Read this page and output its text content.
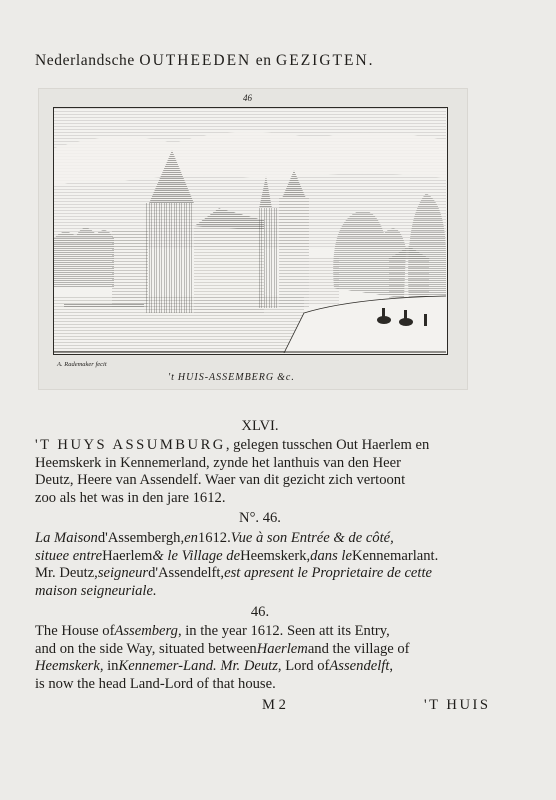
Nederlandsche OUTHEEDEN en GEZIGTEN.
46
A. Rademaker fecit
't HUIS-ASSEMBERG &c.
XLVI.
'T HUYS ASSUMBURG, gelegen tusschen Out Haerlem en
Heemskerk in Kennemerland, zynde het lanthuis van den Heer
Deutz, Heere van Assendelf. Waer van dit gezicht zich vertoont
zoo als het was in den jare 1612.
N°. 46.
La Maison d'Assembergh, en 1612. Vue à son Entrée & de côté,
situee entre Haerlem & le Village de Heemskerk, dans le Kennemarlant.
Mr. Deutz, seigneur d'Assendelft, est apresent le Proprietaire de cette
maison seigneuriale.
46.
The House of Assemberg , in the year 1612. Seen att its Entry,
and on the side Way, situated between Haerlem and the village of
Heemskerk , in Kennemer-Land. Mr. Deutz , Lord of Assendelft ,
is now the head Land-Lord of that house.
M 2	'T HUIS
